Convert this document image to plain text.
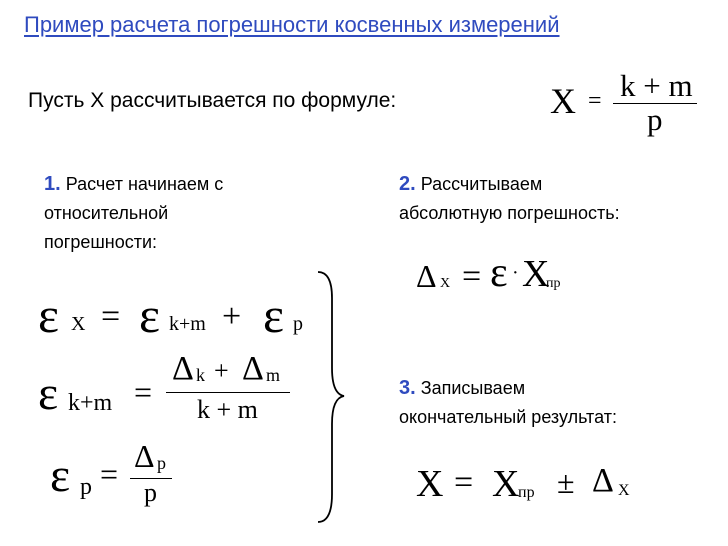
Пример расчета погрешности косвенных измерений
Пусть X рассчитывается по формуле:	X = k + m
p
1. Расчет начинаем с
относительной
погрешности:
2. Рассчитываем
абсолютную погрешность:
3. Записываем
окончательный результат:
ε X = ε k+m + ε p
ε k+m =
Δ k + Δ m
k + m
ε p = Δ p
p
Δ X = ε · X
пр
X = X
пр ± Δ X
